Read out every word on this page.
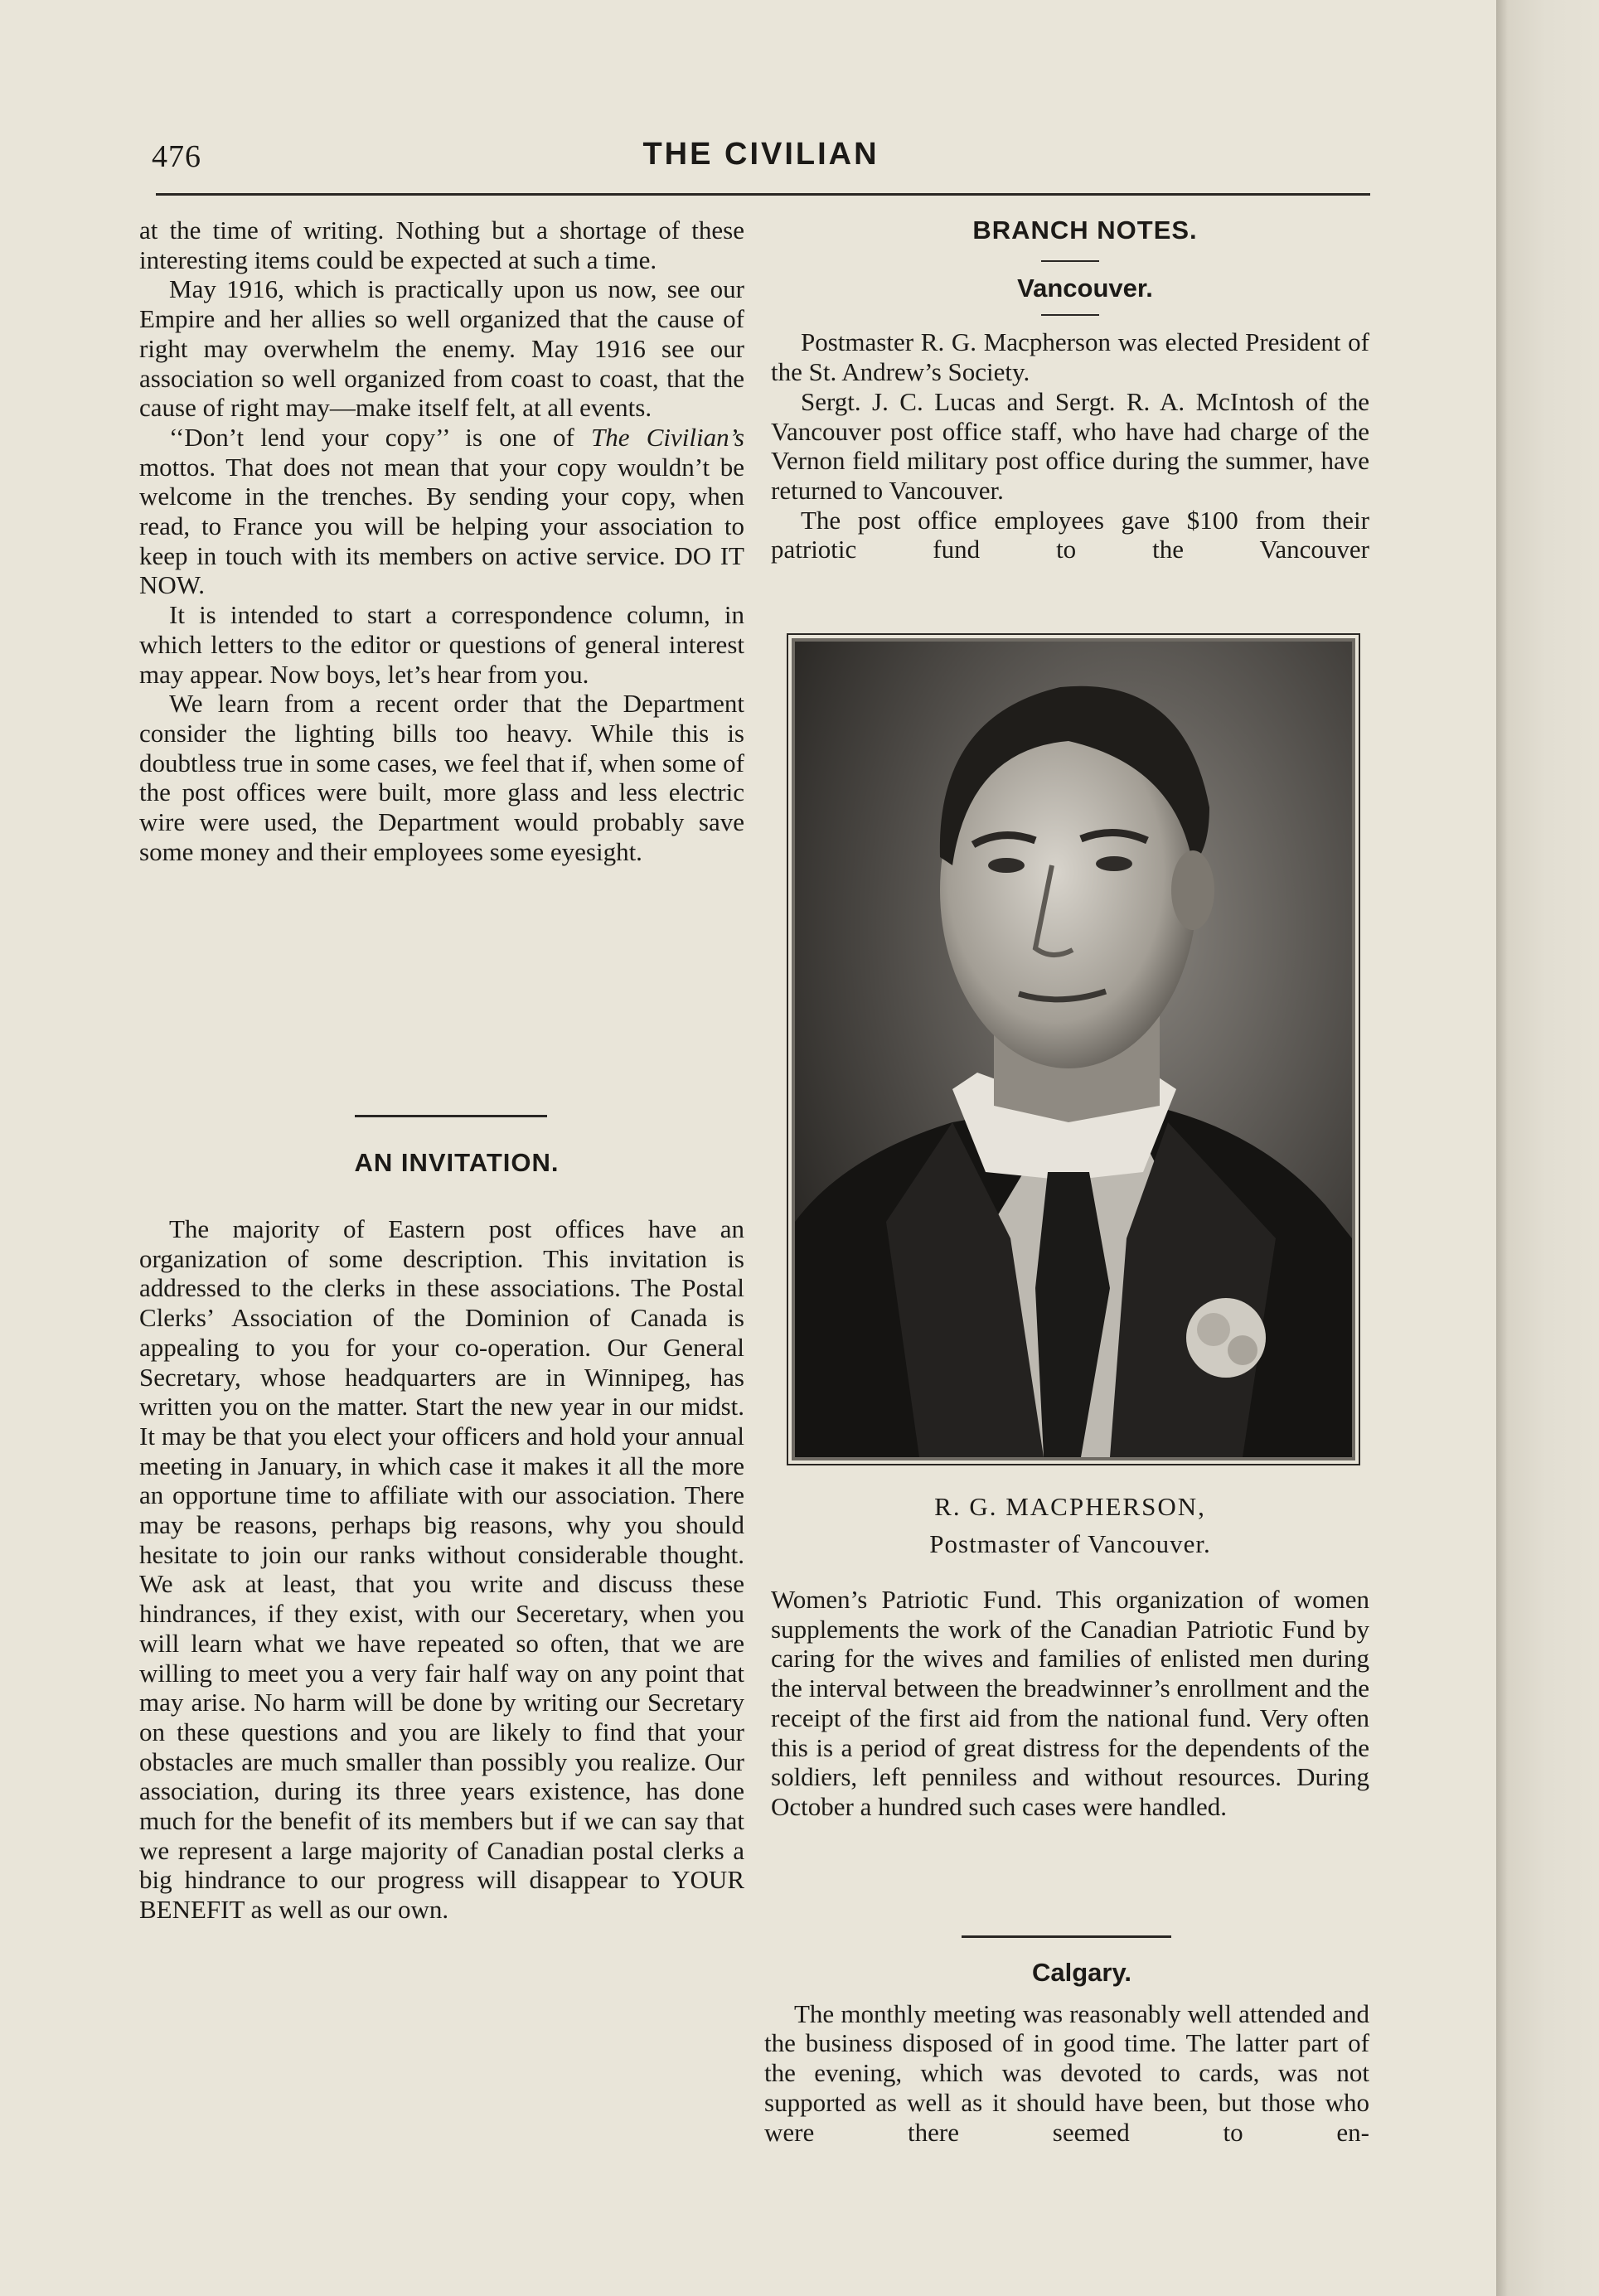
476	THE CIVILIAN

at the time of writing. Nothing but a shortage of these interesting items could be expected at such a time.

May 1916, which is practically upon us now, see our Empire and her allies so well organized that the cause of right may overwhelm the enemy. May 1916 see our association so well organized from coast to coast, that the cause of right may—make itself felt, at all events.

‘‘Don’t lend your copy’’ is one of The Civilian’s mottos. That does not mean that your copy wouldn’t be welcome in the trenches. By sending your copy, when read, to France you will be helping your association to keep in touch with its members on active service. DO IT NOW.

It is intended to start a correspondence column, in which letters to the editor or questions of general interest may appear. Now boys, let’s hear from you.

We learn from a recent order that the Department consider the lighting bills too heavy. While this is doubtless true in some cases, we feel that if, when some of the post offices were built, more glass and less electric wire were used, the Department would probably save some money and their employees some eyesight.

AN INVITATION.

The majority of Eastern post offices have an organization of some description. This invitation is addressed to the clerks in these associations. The Postal Clerks’ Association of the Dominion of Canada is appealing to you for your co-operation. Our General Secretary, whose headquarters are in Winnipeg, has written you on the matter. Start the new year in our midst. It may be that you elect your officers and hold your annual meeting in January, in which case it makes it all the more an opportune time to affiliate with our association. There may be reasons, perhaps big reasons, why you should hesitate to join our ranks without considerable thought. We ask at least, that you write and discuss these hindrances, if they exist, with our Seceretary, when you will learn what we have repeated so often, that we are willing to meet you a very fair half way on any point that may arise. No harm will be done by writing our Secretary on these questions and you are likely to find that your obstacles are much smaller than possibly you realize. Our association, during its three years existence, has done much for the benefit of its members but if we can say that we represent a large majority of Canadian postal clerks a big hindrance to our progress will disappear to YOUR BENEFIT as well as our own.

BRANCH NOTES.

Vancouver.

Postmaster R. G. Macpherson was elected President of the St. Andrew’s Society.

Sergt. J. C. Lucas and Sergt. R. A. McIntosh of the Vancouver post office staff, who have had charge of the Vernon field military post office during the summer, have returned to Vancouver.

The post office employees gave $100 from their patriotic fund to the Vancouver

R. G. MACPHERSON,
Postmaster of Vancouver.

Women’s Patriotic Fund. This organization of women supplements the work of the Canadian Patriotic Fund by caring for the wives and families of enlisted men during the interval between the breadwinner’s enrollment and the receipt of the first aid from the national fund. Very often this is a period of great distress for the dependents of the soldiers, left penniless and without resources. During October a hundred such cases were handled.

Calgary.

The monthly meeting was reasonably well attended and the business disposed of in good time. The latter part of the evening, which was devoted to cards, was not supported as well as it should have been, but those who were there seemed to en-
